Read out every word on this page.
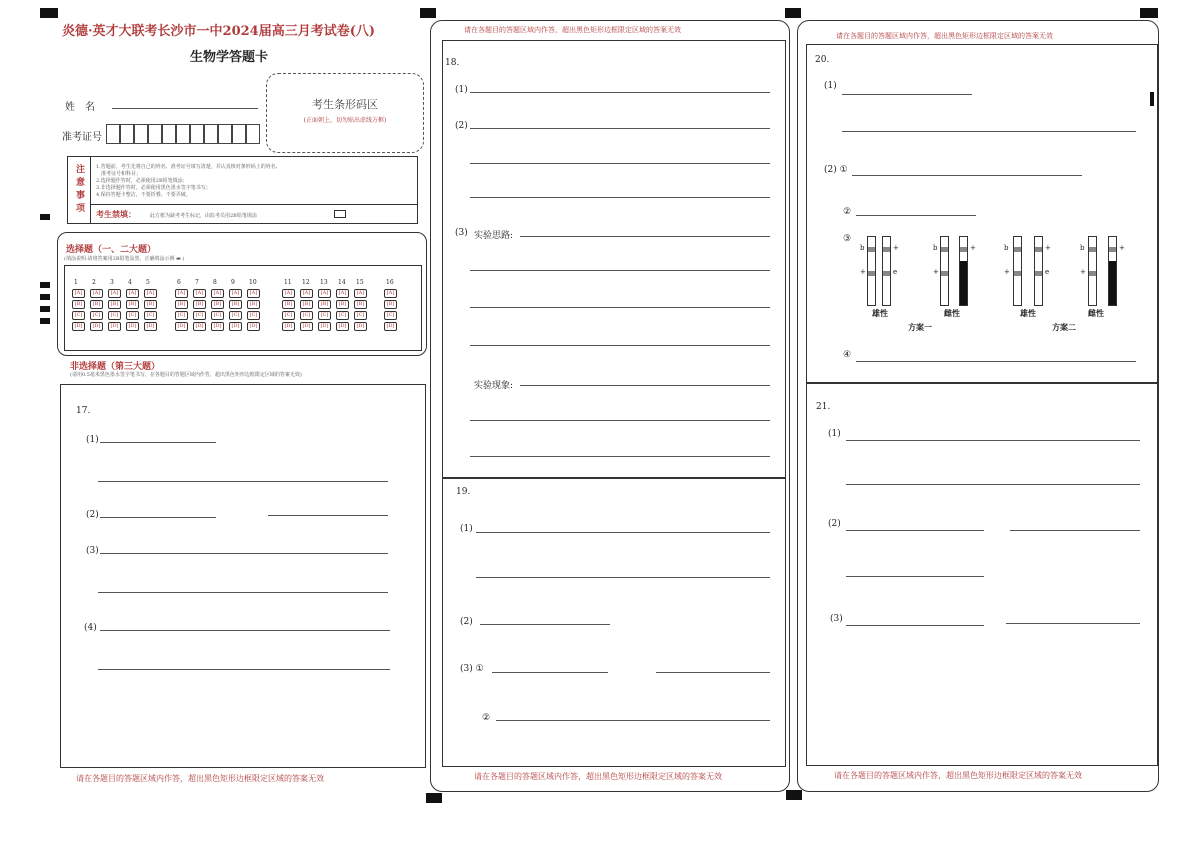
炎德·英才大联考长沙市一中2024届高三月考试卷(八)
生物学答题卡
姓　名
准考证号
考生条形码区
(正面朝上，切勿贴出虚线方框)
注意事项	1.答题前，考生先将自己的姓名、准考证号填写清楚，并认真核对条形码上的姓名、
　准考证号和科目；
2.选择题作答时，必须使用2B铅笔填涂；
3.非选择题作答时，必须使用黑色墨水签字笔书写；
4.保持答题卡整洁，不要折叠、不要弄破。
考生禁填：	此方框为缺考考生标记，由监考员用2B铅笔填涂
选择题（一、二大题）
(填涂说明:请将答案用2B铅笔涂黑，正确填涂示例 ▬ )
1
[A]
[B]
[C]
[D]
2
[A]
[B]
[C]
[D]
3
[A]
[B]
[C]
[D]
4
[A]
[B]
[C]
[D]
5
[A]
[B]
[C]
[D]
6
[A]
[B]
[C]
[D]
7
[A]
[B]
[C]
[D]
8
[A]
[B]
[C]
[D]
9
[A]
[B]
[C]
[D]
10
[A]
[B]
[C]
[D]
11
[A]
[B]
[C]
[D]
12
[A]
[B]
[C]
[D]
13
[A]
[B]
[C]
[D]
14
[A]
[B]
[C]
[D]
15
[A]
[B]
[C]
[D]
16
[A]
[B]
[C]
[D]
非选择题（第三大题）
(请用0.5毫米黑色墨水签字笔书写，在各题目的答题区域内作答，超出黑色矩形边框限定区域的答案无效)
17.
(1)
(2)
(3)
(4)
请在各题目的答题区域内作答，超出黑色矩形边框限定区域的答案无效
请在各题目的答题区域内作答，超出黑色矩形边框限定区域的答案无效
18.
(1)
(2)
(3) 实验思路:
实验现象:
19.
(1)
(2)
(3) ①
②
请在各题目的答题区域内作答，超出黑色矩形边框限定区域的答案无效
请在各题目的答题区域内作答，超出黑色矩形边框限定区域的答案无效
20.
(1)
(2) ①
②
③
b
+
+
e
雄性
b
+
+
雌性
方案一
b
+
+
e
雄性
b
+
+
雌性
方案二
④
21.
(1)
(2)
(3)
请在各题目的答题区域内作答，超出黑色矩形边框限定区域的答案无效
